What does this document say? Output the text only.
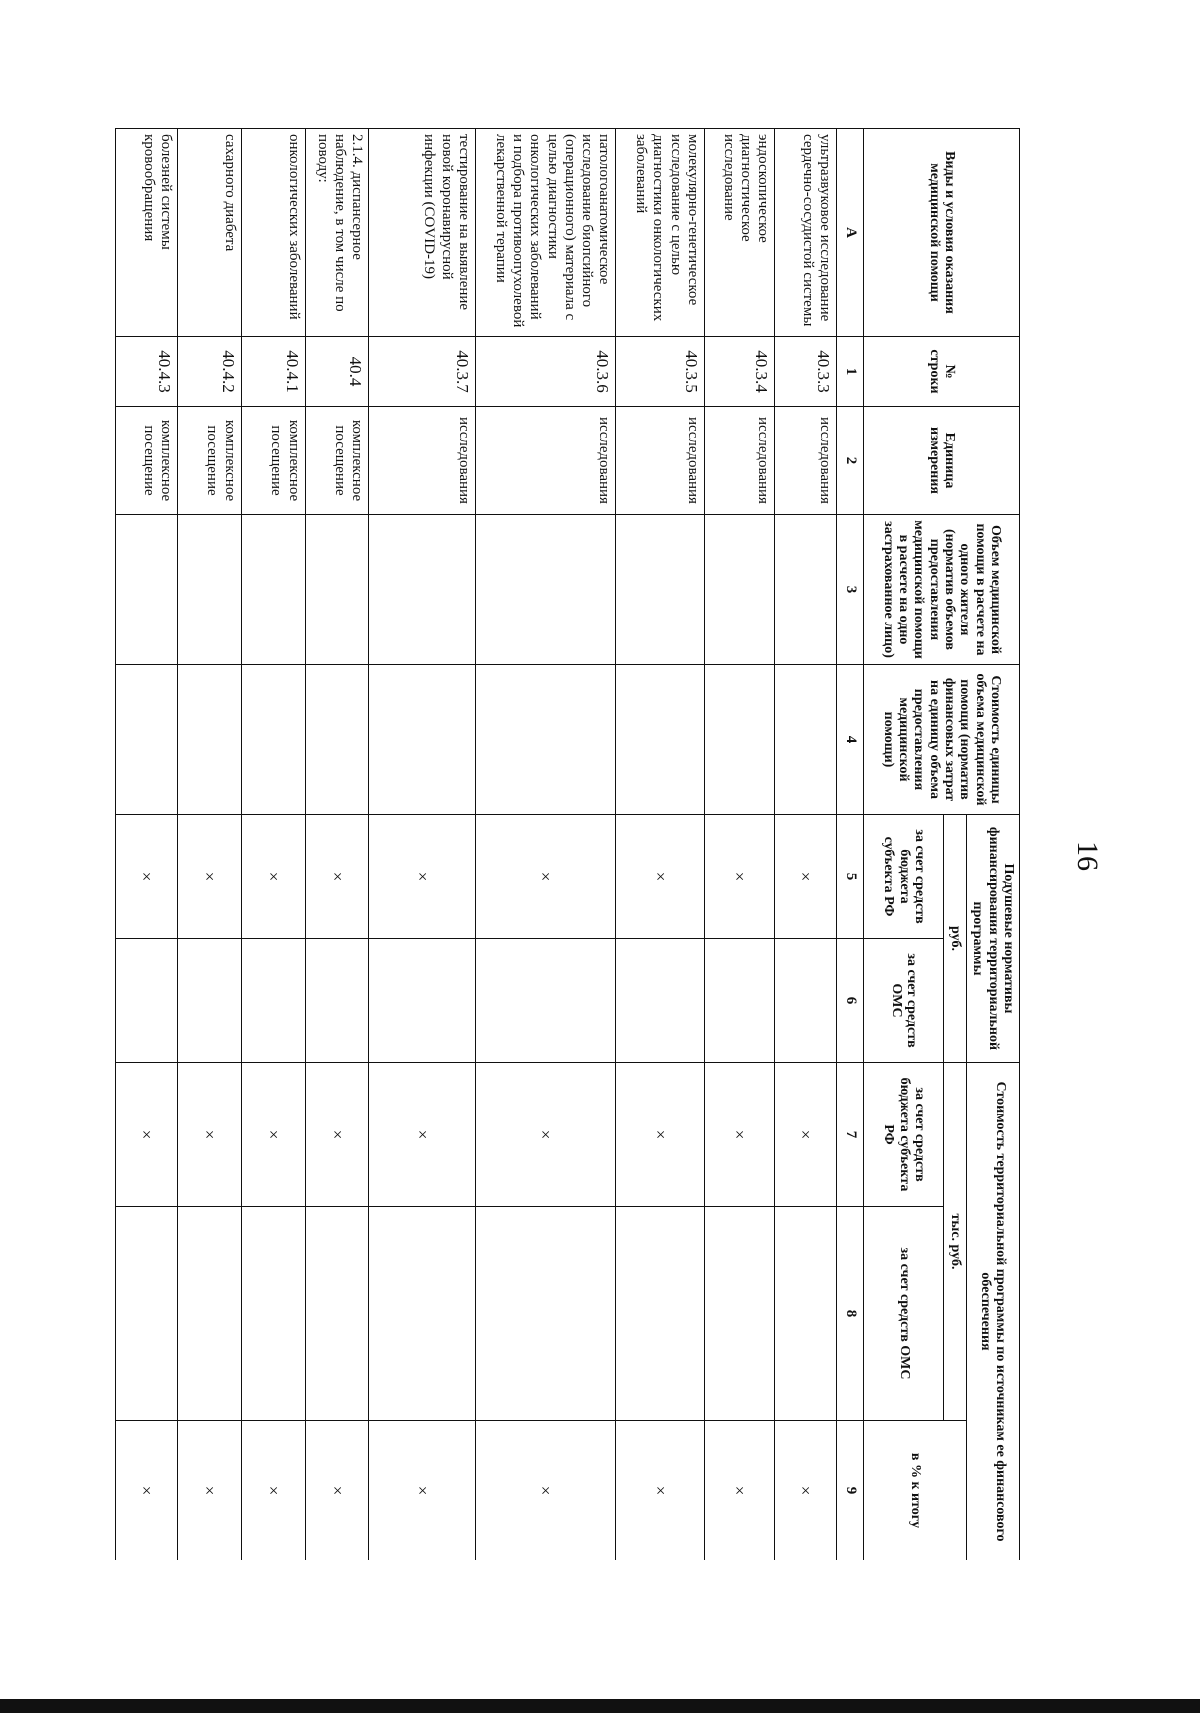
16
Виды и условия оказания медицинской помощи	№ строки	Единица измерения	Объем медицинской помощи в расчете на одного жителя (норматив объемов предоставления медицинской помощи в расчете на одно застрахованное лицо)	Стоимость единицы объема медицинской помощи (норматив финансовых затрат на единицу объема предоставления медицинской помощи)	Подушевые нормативы финансирования территориальной программы		Стоимость территориальной программы по источникам ее финансового обеспечения		
					руб.		тыс. руб.		в % к итогу
					за счет средств бюджета субъекта РФ	за счет средств ОМС	за счет средств бюджета субъекта РФ	за счет средств ОМС	
А	1	2	3	4	5	6	7	8	9
ультразвуковое исследование сердечно-сосудистой системы	40.3.3	исследования			×		×		×
эндоскопическое диагностическое исследование	40.3.4	исследования			×		×		×
молекулярно-генетическое исследование с целью диагностики онкологических заболеваний	40.3.5	исследования			×		×		×
патологоанатомическое исследование биопсийного (операционного) материала с целью диагностики онкологических заболеваний и подбора противоопухолевой лекарственной терапии	40.3.6	исследования			×		×		×
тестирование на выявление новой коронавирусной инфекции (COVID-19)	40.3.7	исследования			×		×		×
2.1.4. диспансерное наблюдение, в том числе по поводу:	40.4	комплексное посещение			×		×		×
онкологических заболеваний	40.4.1	комплексное посещение			×		×		×
сахарного диабета	40.4.2	комплексное посещение			×		×		×
болезней системы кровообращения	40.4.3	комплексное посещение			×		×		×
